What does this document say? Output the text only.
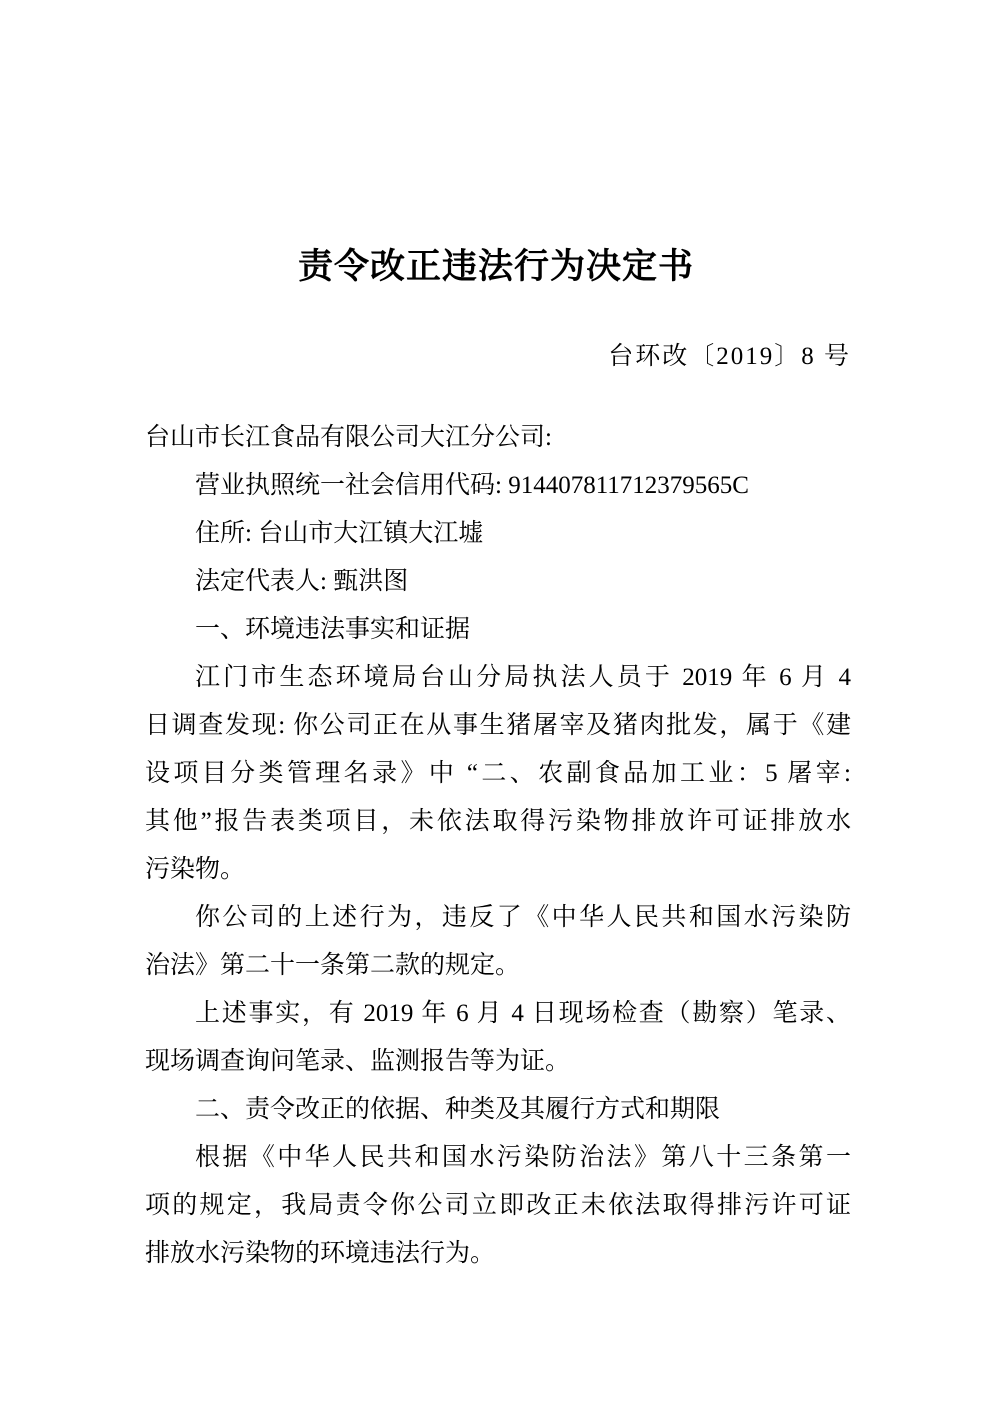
责令改正违法行为决定书
台环改〔2019〕8 号
台山市长江食品有限公司大江分公司:
营业执照统一社会信用代码: 914407811712379565C
住所: 台山市大江镇大江墟
法定代表人: 甄洪图
一、环境违法事实和证据
江门市生态环境局台山分局执法人员于 2019 年 6 月 4
日调查发现: 你公司正在从事生猪屠宰及猪肉批发，属于《建
设项目分类管理名录》中 “二、农副食品加工业：5 屠宰:
其他”报告表类项目，未依法取得污染物排放许可证排放水
污染物。
你公司的上述行为，违反了《中华人民共和国水污染防
治法》第二十一条第二款的规定。
上述事实，有 2019 年 6 月 4 日现场检查（勘察）笔录、
现场调查询问笔录、监测报告等为证。
二、责令改正的依据、种类及其履行方式和期限
根据《中华人民共和国水污染防治法》第八十三条第一
项的规定，我局责令你公司立即改正未依法取得排污许可证
排放水污染物的环境违法行为。
